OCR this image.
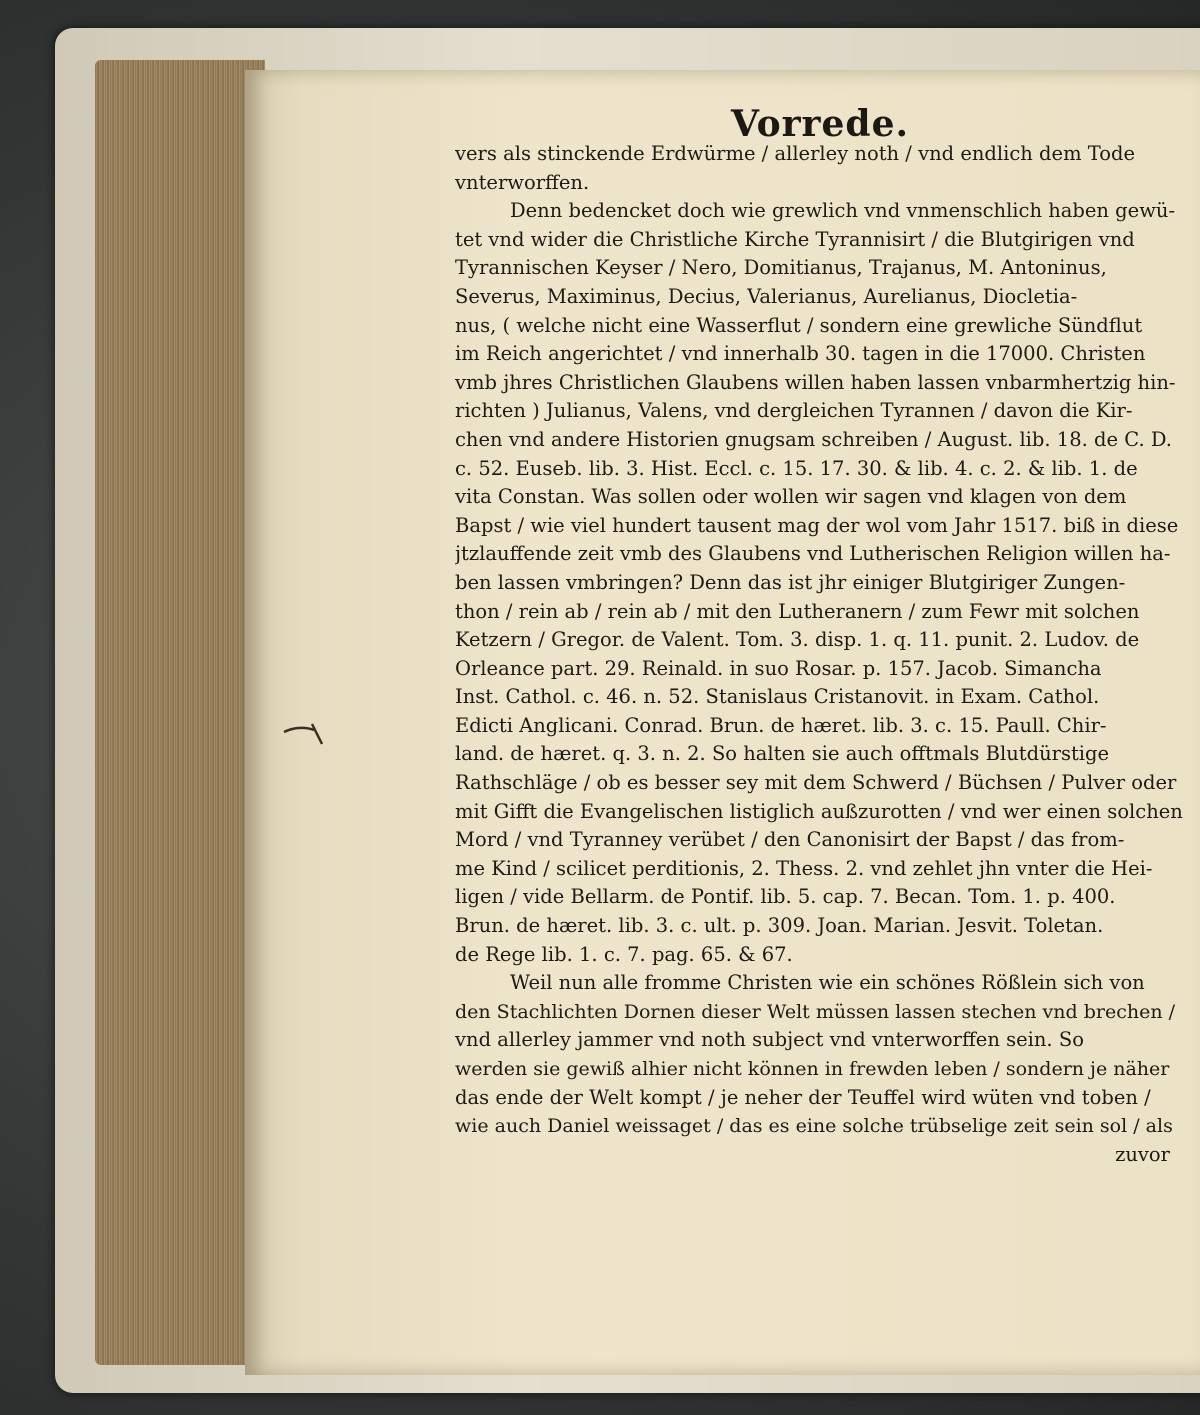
Vorrede.
vers als stinckende Erdwürme / allerley noth / vnd endlich dem Tode
vnterworffen.
Denn bedencket doch wie grewlich vnd vnmenschlich haben gewü-
tet vnd wider die Christliche Kirche Tyrannisirt / die Blutgirigen vnd
Tyrannischen Keyser / Nero, Domitianus, Trajanus, M. Antoninus,
Severus, Maximinus, Decius, Valerianus, Aurelianus, Diocletia-
nus, ( welche nicht eine Wasserflut / sondern eine grewliche Sündflut
im Reich angerichtet / vnd innerhalb 30. tagen in die 17000. Christen
vmb jhres Christlichen Glaubens willen haben lassen vnbarmhertzig hin-
richten ) Julianus, Valens, vnd dergleichen Tyrannen / davon die Kir-
chen vnd andere Historien gnugsam schreiben / August. lib. 18. de C. D.
c. 52. Euseb. lib. 3. Hist. Eccl. c. 15. 17. 30. & lib. 4. c. 2. & lib. 1. de
vita Constan. Was sollen oder wollen wir sagen vnd klagen von dem
Bapst / wie viel hundert tausent mag der wol vom Jahr 1517. biß in diese
jtzlauffende zeit vmb des Glaubens vnd Lutherischen Religion willen ha-
ben lassen vmbringen? Denn das ist jhr einiger Blutgiriger Zungen-
thon / rein ab / rein ab / mit den Lutheranern / zum Fewr mit solchen
Ketzern / Gregor. de Valent. Tom. 3. disp. 1. q. 11. punit. 2. Ludov. de
Orleance part. 29. Reinald. in suo Rosar. p. 157. Jacob. Simancha
Inst. Cathol. c. 46. n. 52. Stanislaus Cristanovit. in Exam. Cathol.
Edicti Anglicani. Conrad. Brun. de hæret. lib. 3. c. 15. Paull. Chir-
land. de hæret. q. 3. n. 2. So halten sie auch offtmals Blutdürstige
Rathschläge / ob es besser sey mit dem Schwerd / Büchsen / Pulver oder
mit Gifft die Evangelischen listiglich außzurotten / vnd wer einen solchen
Mord / vnd Tyranney verübet / den Canonisirt der Bapst / das from-
me Kind / scilicet perditionis, 2. Thess. 2. vnd zehlet jhn vnter die Hei-
ligen / vide Bellarm. de Pontif. lib. 5. cap. 7. Becan. Tom. 1. p. 400.
Brun. de hæret. lib. 3. c. ult. p. 309. Joan. Marian. Jesvit. Toletan.
de Rege lib. 1. c. 7. pag. 65. & 67.
Weil nun alle fromme Christen wie ein schönes Rößlein sich von
den Stachlichten Dornen dieser Welt müssen lassen stechen vnd brechen /
vnd allerley jammer vnd noth subject vnd vnterworffen sein. So
werden sie gewiß alhier nicht können in frewden leben / sondern je näher
das ende der Welt kompt / je neher der Teuffel wird wüten vnd toben /
wie auch Daniel weissaget / das es eine solche trübselige zeit sein sol / als
zuvor
